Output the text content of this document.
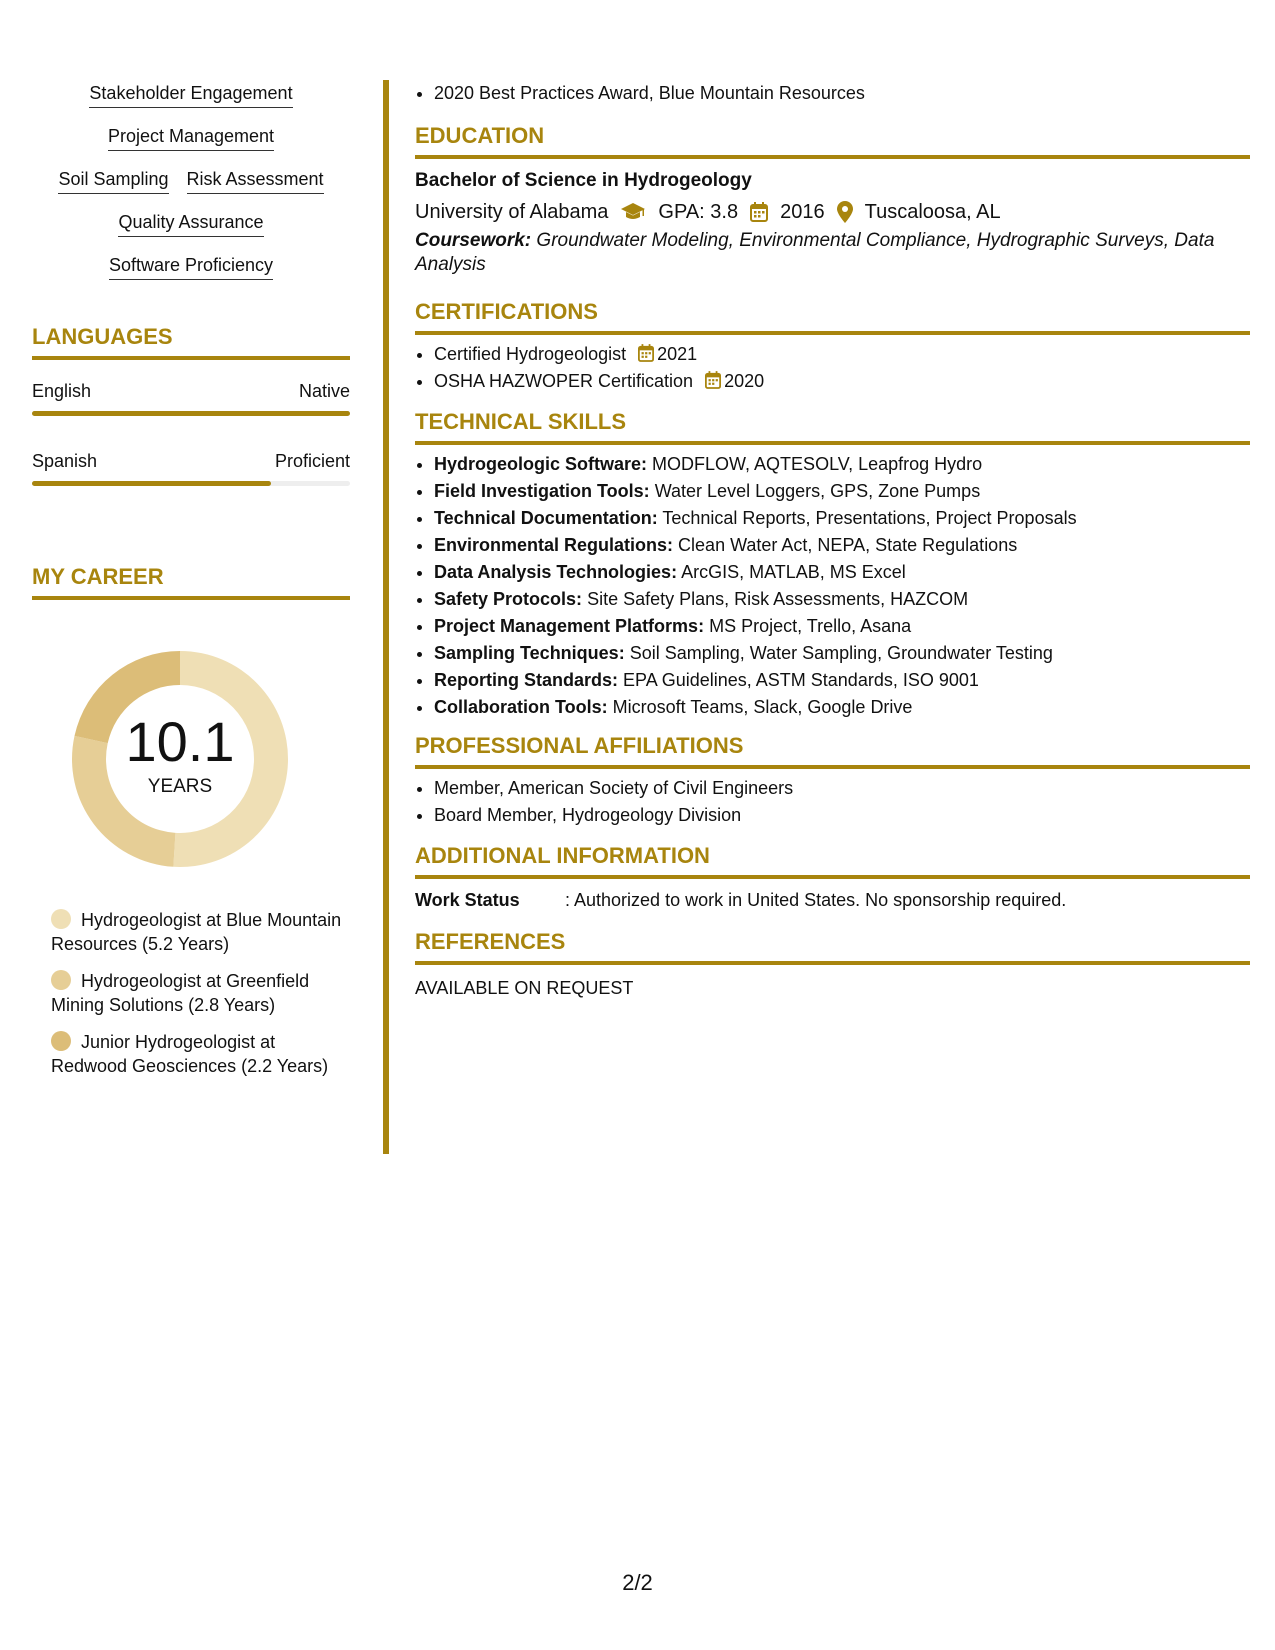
Stakeholder Engagement
Project Management
Soil Sampling Risk Assessment
Quality Assurance
Software Proficiency
LANGUAGES
English	Native
Spanish	Proficient
MY CAREER
10.1
YEARS
Hydrogeologist at Blue Mountain Resources (5.2 Years)
Hydrogeologist at Greenfield Mining Solutions (2.8 Years)
Junior Hydrogeologist at Redwood Geosciences (2.2 Years)
• 2020 Best Practices Award, Blue Mountain Resources
EDUCATION
Bachelor of Science in Hydrogeology
University of Alabama	GPA: 3.8 2016 Tuscaloosa, AL
Coursework: Groundwater Modeling, Environmental Compliance, Hydrographic Surveys, Data Analysis
CERTIFICATIONS
• Certified Hydrogeologist 2021
• OSHA HAZWOPER Certification 2020
TECHNICAL SKILLS
• Hydrogeologic Software: MODFLOW, AQTESOLV, Leapfrog Hydro
• Field Investigation Tools: Water Level Loggers, GPS, Zone Pumps
• Technical Documentation: Technical Reports, Presentations, Project Proposals
• Environmental Regulations: Clean Water Act, NEPA, State Regulations
• Data Analysis Technologies: ArcGIS, MATLAB, MS Excel
• Safety Protocols: Site Safety Plans, Risk Assessments, HAZCOM
• Project Management Platforms: MS Project, Trello, Asana
• Sampling Techniques: Soil Sampling, Water Sampling, Groundwater Testing
• Reporting Standards: EPA Guidelines, ASTM Standards, ISO 9001
• Collaboration Tools: Microsoft Teams, Slack, Google Drive
PROFESSIONAL AFFILIATIONS
• Member, American Society of Civil Engineers
• Board Member, Hydrogeology Division
ADDITIONAL INFORMATION
Work Status	: Authorized to work in United States. No sponsorship required.
REFERENCES
AVAILABLE ON REQUEST
2/2
